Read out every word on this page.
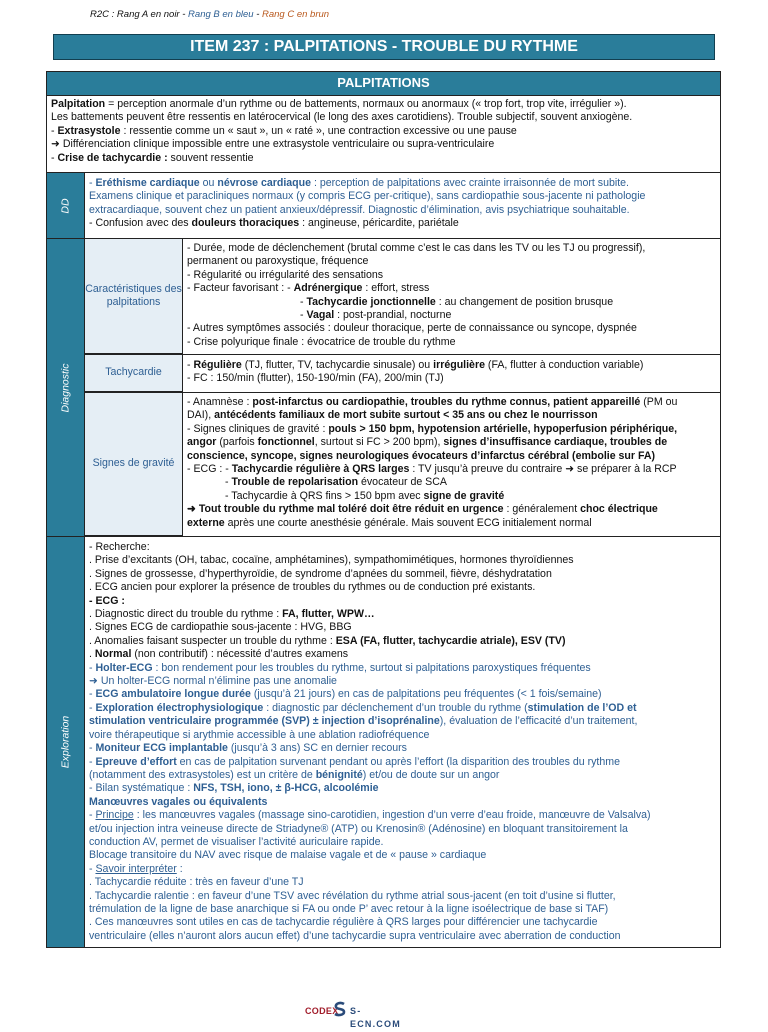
R2C : Rang A en noir - Rang B en bleu - Rang C en brun
ITEM 237 : PALPITATIONS - TROUBLE DU RYTHME
PALPITATIONS
Palpitation = perception anormale d’un rythme ou de battements, normaux ou anormaux (« trop fort, trop vite, irrégulier »).
Les battements peuvent être ressentis en latérocervical (le long des axes carotidiens). Trouble subjectif, souvent anxiogène.
- Extrasystole : ressentie comme un « saut », un « raté », une contraction excessive ou une pause
➜ Différenciation clinique impossible entre une extrasystole ventriculaire ou supra-ventriculaire
- Crise de tachycardie : souvent ressentie
DD
- Eréthisme cardiaque ou névrose cardiaque : perception de palpitations avec crainte irraisonnée de mort subite.
Examens clinique et paracliniques normaux (y compris ECG per-critique), sans cardiopathie sous-jacente ni pathologie
extracardiaque, souvent chez un patient anxieux/dépressif. Diagnostic d’élimination, avis psychiatrique souhaitable.
- Confusion avec des douleurs thoraciques : angineuse, péricardite, pariétale
Diagnostic
Caractéristiques des palpitations
- Durée, mode de déclenchement (brutal comme c’est le cas dans les TV ou les TJ ou progressif),
permanent ou paroxystique, fréquence
- Régularité ou irrégularité des sensations
- Facteur favorisant : - Adrénergique : effort, stress
- Tachycardie jonctionnelle : au changement de position brusque
- Vagal : post-prandial, nocturne
- Autres symptômes associés : douleur thoracique, perte de connaissance ou syncope, dyspnée
- Crise polyurique finale : évocatrice de trouble du rythme
Tachycardie
- Régulière (TJ, flutter, TV, tachycardie sinusale) ou irrégulière (FA, flutter à conduction variable)
- FC : 150/min (flutter), 150-190/min (FA), 200/min (TJ)
Signes de gravité
- Anamnèse : post-infarctus ou cardiopathie, troubles du rythme connus, patient appareillé (PM ou
DAI), antécédents familiaux de mort subite surtout < 35 ans ou chez le nourrisson
- Signes cliniques de gravité : pouls > 150 bpm, hypotension artérielle, hypoperfusion périphérique,
angor (parfois fonctionnel, surtout si FC > 200 bpm), signes d’insuffisance cardiaque, troubles de
conscience, syncope, signes neurologiques évocateurs d’infarctus cérébral (embolie sur FA)
- ECG : - Tachycardie régulière à QRS larges : TV jusqu’à preuve du contraire ➜ se préparer à la RCP
- Trouble de repolarisation évocateur de SCA
- Tachycardie à QRS fins > 150 bpm avec signe de gravité
➜ Tout trouble du rythme mal toléré doit être réduit en urgence : généralement choc électrique
externe après une courte anesthésie générale. Mais souvent ECG initialement normal
Exploration
- Recherche:
. Prise d’excitants (OH, tabac, cocaïne, amphétamines), sympathomimétiques, hormones thyroïdiennes
. Signes de grossesse, d’hyperthyroïdie, de syndrome d’apnées du sommeil, fièvre, déshydratation
. ECG ancien pour explorer la présence de troubles du rythmes ou de conduction pré existants.
- ECG :
. Diagnostic direct du trouble du rythme : FA, flutter, WPW…
. Signes ECG de cardiopathie sous-jacente : HVG, BBG
. Anomalies faisant suspecter un trouble du rythme : ESA (FA, flutter, tachycardie atriale), ESV (TV)
. Normal (non contributif) : nécessité d’autres examens
- Holter-ECG : bon rendement pour les troubles du rythme, surtout si palpitations paroxystiques fréquentes
➜ Un holter-ECG normal n’élimine pas une anomalie
- ECG ambulatoire longue durée (jusqu’à 21 jours) en cas de palpitations peu fréquentes (< 1 fois/semaine)
- Exploration électrophysiologique : diagnostic par déclenchement d’un trouble du rythme (stimulation de l’OD et
stimulation ventriculaire programmée (SVP) ± injection d’isoprénaline), évaluation de l’efficacité d’un traitement,
voire thérapeutique si arythmie accessible à une ablation radiofréquence
- Moniteur ECG implantable (jusqu’à 3 ans) SC en dernier recours
- Epreuve d’effort en cas de palpitation survenant pendant ou après l’effort (la disparition des troubles du rythme
(notamment des extrasystoles) est un critère de bénignité) et/ou de doute sur un angor
- Bilan systématique : NFS, TSH, iono, ± β-HCG, alcoolémie
Manœuvres vagales ou équivalents
- Principe : les manœuvres vagales (massage sino-carotidien, ingestion d’un verre d’eau froide, manœuvre de Valsalva)
et/ou injection intra veineuse directe de Striadyne® (ATP) ou Krenosin® (Adénosine) en bloquant transitoirement la
conduction AV, permet de visualiser l’activité auriculaire rapide.
Blocage transitoire du NAV avec risque de malaise vagale et de « pause » cardiaque
- Savoir interpréter :
. Tachycardie réduite : très en faveur d’une TJ
. Tachycardie ralentie : en faveur d’une TSV avec révélation du rythme atrial sous-jacent (en toit d’usine si flutter,
trémulation de la ligne de base anarchique si FA ou onde P’ avec retour à la ligne isoélectrique de base si TAF)
. Ces manœuvres sont utiles en cas de tachycardie régulière à QRS larges pour différencier une tachycardie
ventriculaire (elles n’auront alors aucun effet) d’une tachycardie supra ventriculaire avec aberration de conduction
CODEX S-ECN.COM
